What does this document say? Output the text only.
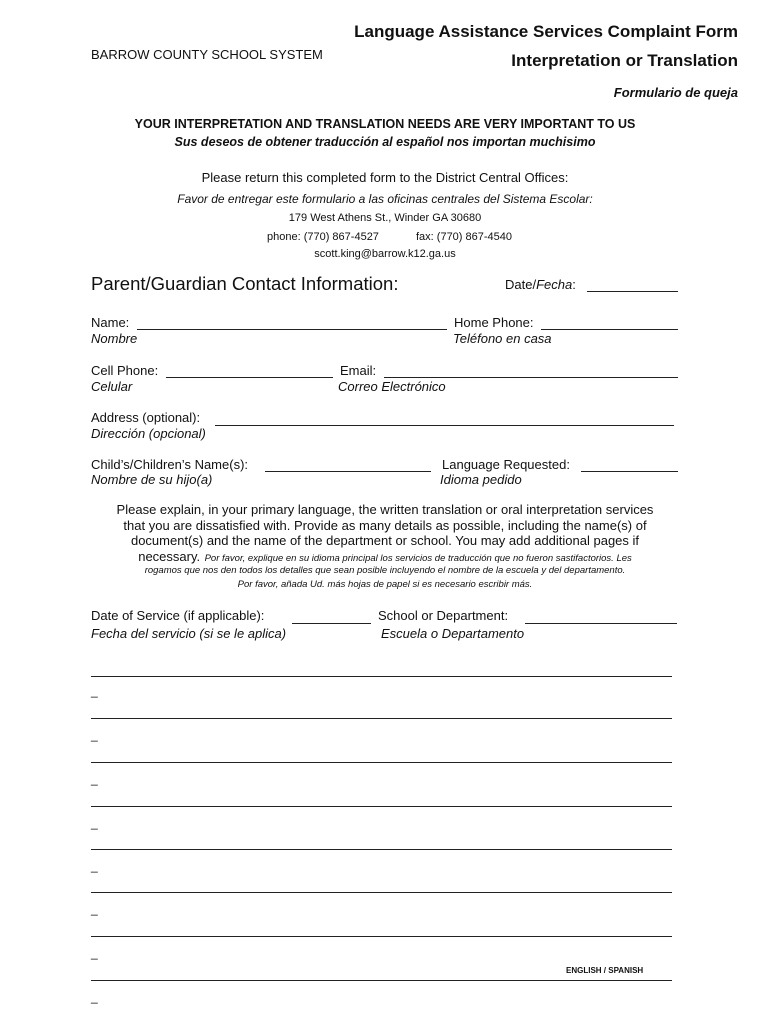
BARROW COUNTY SCHOOL SYSTEM
Language Assistance Services Complaint Form
Interpretation or Translation
Formulario de queja
YOUR INTERPRETATION AND TRANSLATION NEEDS ARE VERY IMPORTANT TO US
Sus deseos de obtener traducción al español nos importan muchisimo
Please return this completed form to the District Central Offices:
Favor de entregar este formulario a las oficinas centrales del Sistema Escolar:
179 West Athens St., Winder GA 30680
phone: (770) 867-4527	fax: (770) 867-4540
scott.king@barrow.k12.ga.us
Parent/Guardian Contact Information:	Date/Fecha:
Name:
Nombre
Home Phone:
Teléfono en casa
Cell Phone:
Celular
Email:
Correo Electrónico
Address (optional):
Dirección (opcional)
Child’s/Children’s Name(s):
Nombre de su hijo(a)
Language Requested:
Idioma pedido
Please explain, in your primary language, the written translation or oral interpretation services
that you are dissatisfied with. Provide as many details as possible, including the name(s) of
document(s) and the name of the department or school. You may add additional pages if
necessary. Por favor, explique en su idioma principal los servicios de traducción que no fueron sastifactorios. Les
rogamos que nos den todos los detalles que sean posible incluyendo el nombre de la escuela y del departamento.
Por favor, añada Ud. más hojas de papel si es necesario escribir más.
Date of Service (if applicable):
Fecha del servicio (si se le aplica)
School or Department:
Escuela o Departamento
_
_
_
_
_
_
_
_
ENGLISH / SPANISH
